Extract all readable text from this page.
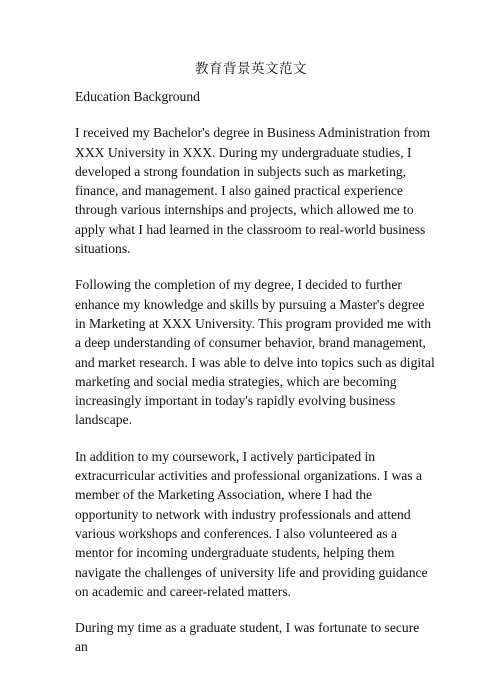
教育背景英文范文
Education Background
I received my Bachelor's degree in Business Administration from XXX University in XXX. During my undergraduate studies, I developed a strong foundation in subjects such as marketing, finance, and management. I also gained practical experience through various internships and projects, which allowed me to apply what I had learned in the classroom to real-world business situations.
Following the completion of my degree, I decided to further enhance my knowledge and skills by pursuing a Master's degree in Marketing at XXX University. This program provided me with a deep understanding of consumer behavior, brand management, and market research. I was able to delve into topics such as digital marketing and social media strategies, which are becoming increasingly important in today's rapidly evolving business landscape.
In addition to my coursework, I actively participated in extracurricular activities and professional organizations. I was a member of the Marketing Association, where I had the opportunity to network with industry professionals and attend various workshops and conferences. I also volunteered as a mentor for incoming undergraduate students, helping them navigate the challenges of university life and providing guidance on academic and career-related matters.
During my time as a graduate student, I was fortunate to secure an
